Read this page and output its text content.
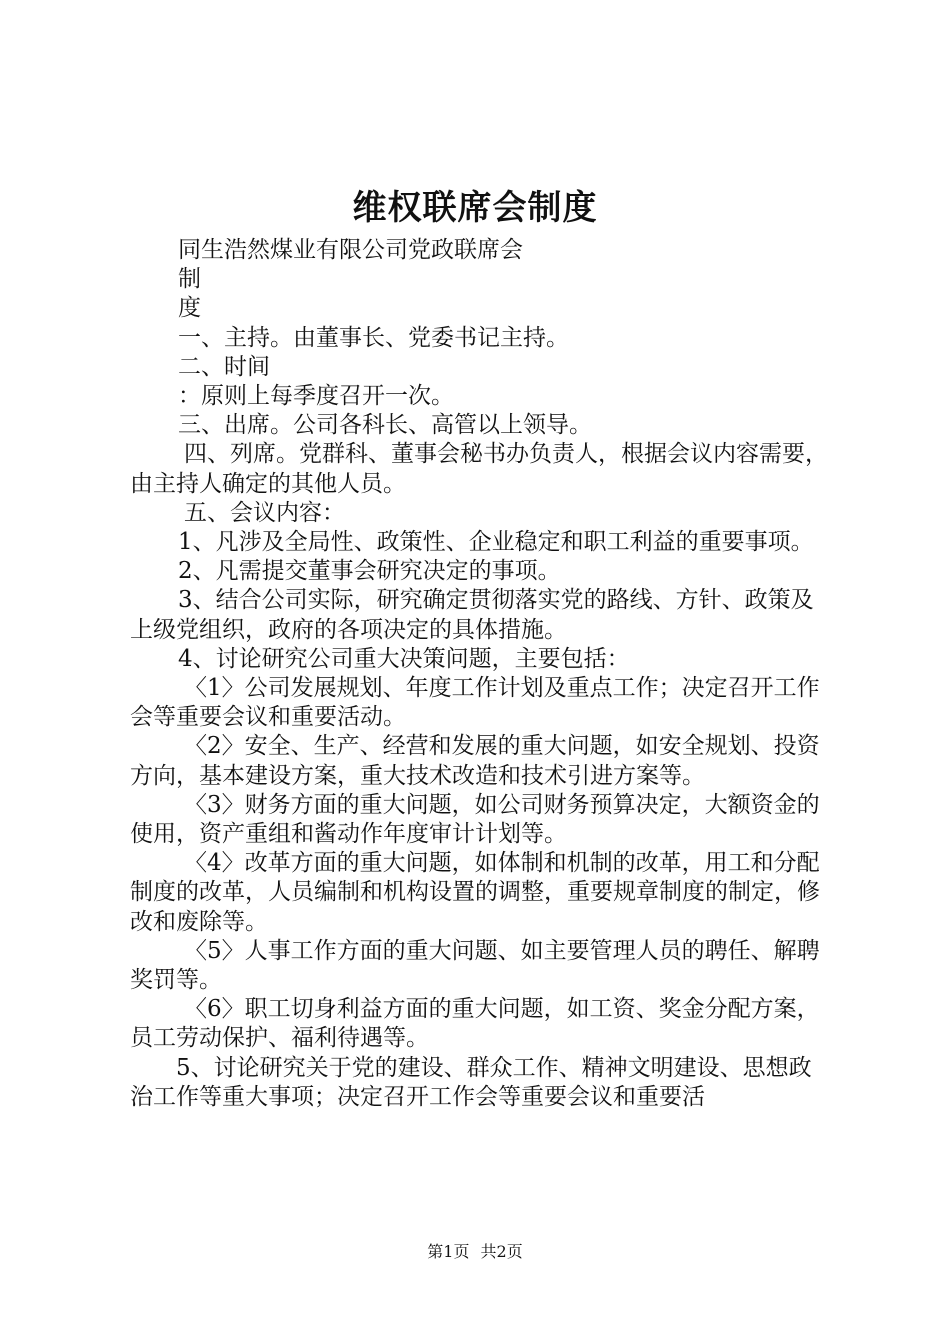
维权联席会制度

同生浩然煤业有限公司党政联席会

制

度

一、主持。由董事长、党委书记主持。

二、时间

：原则上每季度召开一次。

三、出席。公司各科长、高管以上领导。

四、列席。党群科、董事会秘书办负责人，根据会议内容需要，由主持人确定的其他人员。

五、会议内容：

1、凡涉及全局性、政策性、企业稳定和职工利益的重要事项。

2、凡需提交董事会研究决定的事项。

3、结合公司实际，研究确定贯彻落实党的路线、方针、政策及上级党组织，政府的各项决定的具体措施。

4、讨论研究公司重大决策问题，主要包括：

〈1〉公司发展规划、年度工作计划及重点工作；决定召开工作会等重要会议和重要活动。

〈2〉安全、生产、经营和发展的重大问题，如安全规划、投资方向，基本建设方案，重大技术改造和技术引进方案等。

〈3〉财务方面的重大问题，如公司财务预算决定，大额资金的使用，资产重组和酱动作年度审计计划等。

〈4〉改革方面的重大问题，如体制和机制的改革，用工和分配制度的改革，人员编制和机构设置的调整，重要规章制度的制定，修改和废除等。

〈5〉人事工作方面的重大问题、如主要管理人员的聘任、解聘奖罚等。

〈6〉职工切身利益方面的重大问题，如工资、奖金分配方案，员工劳动保护、福利待遇等。

5、讨论研究关于党的建设、群众工作、精神文明建设、思想政治工作等重大事项；决定召开工作会等重要会议和重要活

第1页 共2页
